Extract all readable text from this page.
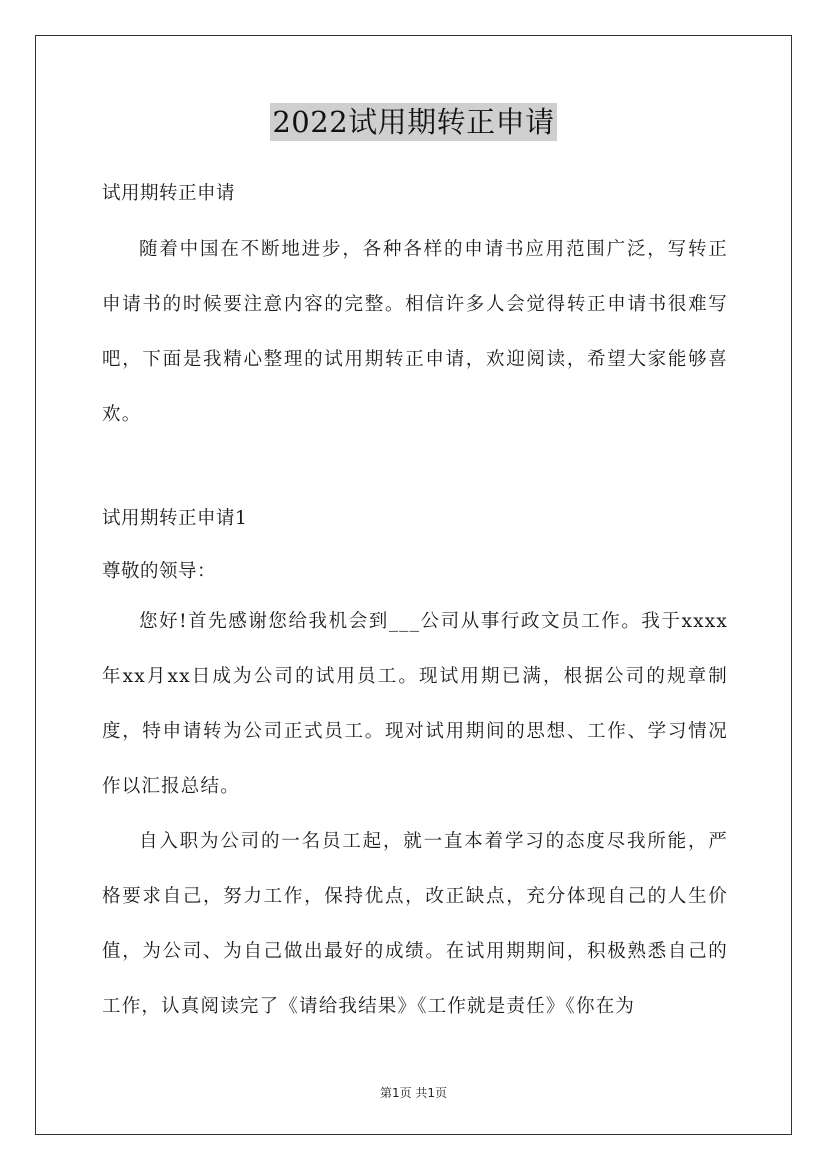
2022试用期转正申请

试用期转正申请

随着中国在不断地进步，各种各样的申请书应用范围广泛，写转正申请书的时候要注意内容的完整。相信许多人会觉得转正申请书很难写吧，下面是我精心整理的试用期转正申请，欢迎阅读，希望大家能够喜欢。

试用期转正申请1

尊敬的领导：

您好!首先感谢您给我机会到___公司从事行政文员工作。我于xxxx年xx月xx日成为公司的试用员工。现试用期已满，根据公司的规章制度，特申请转为公司正式员工。现对试用期间的思想、工作、学习情况作以汇报总结。

自入职为公司的一名员工起，就一直本着学习的态度尽我所能，严格要求自己，努力工作，保持优点，改正缺点，充分体现自己的人生价值，为公司、为自己做出最好的成绩。在试用期期间，积极熟悉自己的工作，认真阅读完了《请给我结果》《工作就是责任》《你在为

第1页 共1页
